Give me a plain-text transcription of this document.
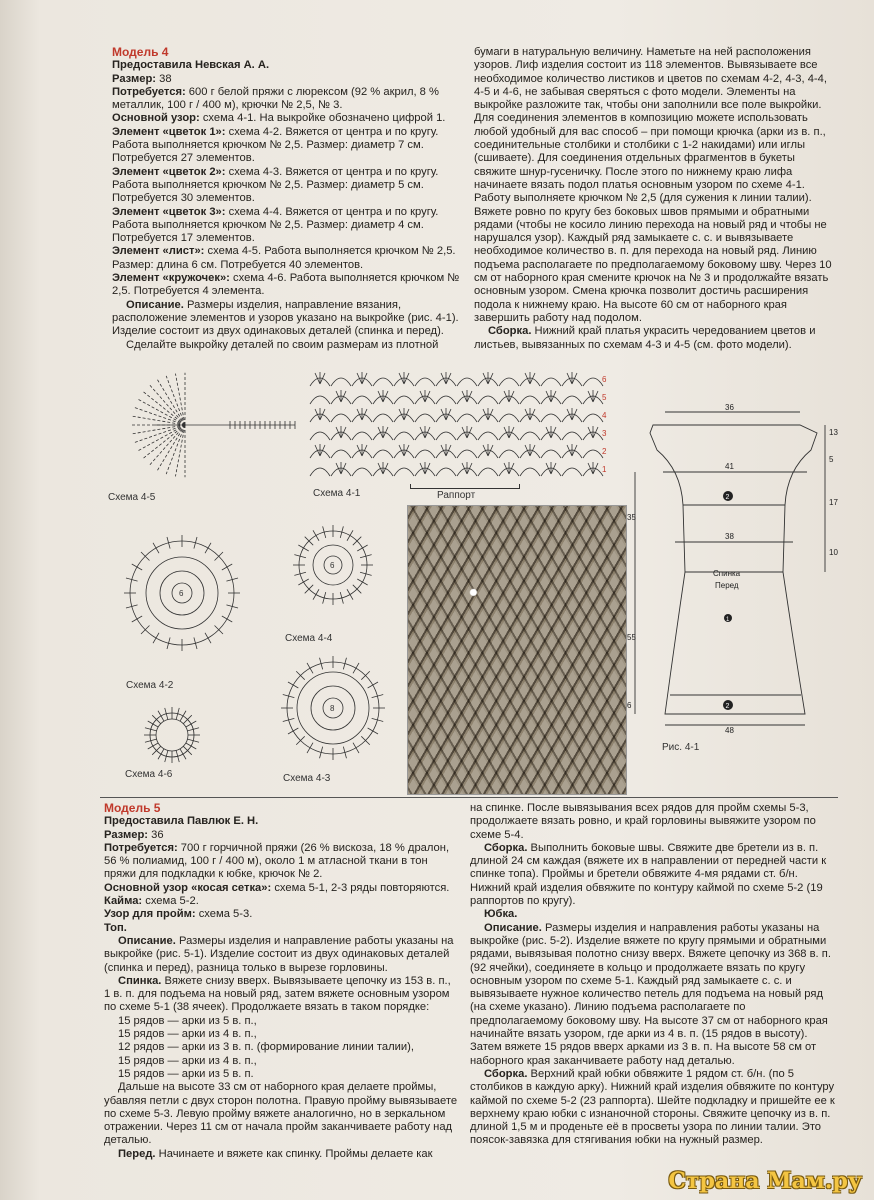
Модель 4

Предоставила Невская А. А.

Размер: 38

Потребуется: 600 г белой пряжи с люрексом (92 % акрил, 8 % металлик, 100 г / 400 м), крючки № 2,5, № 3.

Основной узор: схема 4-1. На выкройке обозначено цифрой 1.

Элемент «цветок 1»: схема 4-2. Вяжется от центра и по кругу. Работа выполняется крючком № 2,5. Размер: диаметр 7 см. Потребуется 27 элементов.

Элемент «цветок 2»: схема 4-3. Вяжется от центра и по кругу. Работа выполняется крючком № 2,5. Размер: диаметр 5 см. Потребуется 30 элементов.

Элемент «цветок 3»: схема 4-4. Вяжется от центра и по кругу. Работа выполняется крючком № 2,5. Размер: диаметр 4 см. Потребуется 17 элементов.

Элемент «лист»: схема 4-5. Работа выполняется крючком № 2,5. Размер: длина 6 см. Потребуется 40 элементов.

Элемент «кружочек»: схема 4-6. Работа выполняется крючком № 2,5. Потребуется 4 элемента.

Описание. Размеры изделия, направление вязания, расположение элементов и узоров указано на выкройке (рис. 4-1). Изделие состоит из двух одинаковых деталей (спинка и перед).

Сделайте выкройку деталей по своим размерам из плотной

бумаги в натуральную величину. Наметьте на ней расположения узоров. Лиф изделия состоит из 118 элементов. Вывязываете все необходимое количество листиков и цветов по схемам 4-2, 4-3, 4-4, 4-5 и 4-6, не забывая сверяться с фото модели. Элементы на выкройке разложите так, чтобы они заполнили все поле выкройки. Для соединения элементов в композицию можете использовать любой удобный для вас способ – при помощи крючка (арки из в. п., соединительные столбики и столбики с 1-2 накидами) или иглы (сшиваете). Для соединения отдельных фрагментов в букеты свяжите шнур-гусеничку. После этого по нижнему краю лифа начинаете вязать подол платья основным узором по схеме 4-1. Работу выполняете крючком № 2,5 (для сужения к линии талии). Вяжете ровно по кругу без боковых швов прямыми и обратными рядами (чтобы не косило линию перехода на новый ряд и чтобы не нарушался узор). Каждый ряд замыкаете с. с. и вывязываете необходимое количество в. п. для перехода на новый ряд. Линию подъема располагаете по предполагаемому боковому шву. Через 10 см от наборного края смените крючок на № 3 и продолжайте вязать основным узором. Смена крючка позволит достичь расширения подола к нижнему краю. На высоте 60 см от наборного края завершить работу над подолом.

Сборка. Нижний край платья украсить чередованием цветов и листьев, вывязанных по схемам 4-3 и 4-5 (см. фото модели).

Схема 4-5
6
5
4
3
2
1
Схема 4-1	Раппорт
6
Схема 4-2
6
Схема 4-4
Схема 4-6
8
Схема 4-3
36
41
38
48
35
55
6
13
5
17
10
2
1
2
Спинка
Перед
Рис. 4-1

Модель 5

Предоставила Павлюк Е. Н.

Размер: 36

Потребуется: 700 г горчичной пряжи (26 % вискоза, 18 % дралон, 56 % полиамид, 100 г / 400 м), около 1 м атласной ткани в тон пряжи для подкладки к юбке, крючок № 2.

Основной узор «косая сетка»: схема 5-1, 2-3 ряды повторяются.

Кайма: схема 5-2.

Узор для пройм: схема 5-3.

Топ.

Описание. Размеры изделия и направление работы указаны на выкройке (рис. 5-1). Изделие состоит из двух одинаковых деталей (спинка и перед), разница только в вырезе горловины.

Спинка. Вяжете снизу вверх. Вывязываете цепочку из 153 в. п., 1 в. п. для подъема на новый ряд, затем вяжете основным узором по схеме 5-1 (38 ячеек). Продолжаете вязать в таком порядке:

15 рядов — арки из 5 в. п.,

15 рядов — арки из 4 в. п.,

12 рядов — арки из 3 в. п. (формирование линии талии),

15 рядов — арки из 4 в. п.,

15 рядов — арки из 5 в. п.

Дальше на высоте 33 см от наборного края делаете проймы, убавляя петли с двух сторон полотна. Правую пройму вывязываете по схеме 5-3. Левую пройму вяжете аналогично, но в зеркальном отражении. Через 11 см от начала пройм заканчиваете работу над деталью.

Перед. Начинаете и вяжете как спинку. Проймы делаете как

на спинке. После вывязывания всех рядов для пройм схемы 5-3, продолжаете вязать ровно, и край горловины вывяжите узором по схеме 5-4.

Сборка. Выполнить боковые швы. Свяжите две бретели из в. п. длиной 24 см каждая (вяжете их в направлении от передней части к спинке топа). Проймы и бретели обвяжите 4-мя рядами ст. б/н. Нижний край изделия обвяжите по контуру каймой по схеме 5-2 (19 раппортов по кругу).

Юбка.

Описание. Размеры изделия и направления работы указаны на выкройке (рис. 5-2). Изделие вяжете по кругу прямыми и обратными рядами, вывязывая полотно снизу вверх. Вяжете цепочку из 368 в. п. (92 ячейки), соединяете в кольцо и продолжаете вязать по кругу основным узором по схеме 5-1. Каждый ряд замыкаете с. с. и вывязываете нужное количество петель для подъема на новый ряд (на схеме указано). Линию подъема располагаете по предполагаемому боковому шву. На высоте 37 см от наборного края начинайте вязать узором, где арки из 4 в. п. (15 рядов в высоту). Затем вяжете 15 рядов вверх арками из 3 в. п. На высоте 58 см от наборного края заканчиваете работу над деталью.

Сборка. Верхний край юбки обвяжите 1 рядом ст. б/н. (по 5 столбиков в каждую арку). Нижний край изделия обвяжите по контуру каймой по схеме 5-2 (23 раппорта). Шейте подкладку и пришейте ее к верхнему краю юбки с изнаночной стороны. Свяжите цепочку из в. п. длиной 1,5 м и проденьте её в просветы узора по линии талии. Это поясок-завязка для стягивания юбки на нужный размер.

Страна Мам.ру
